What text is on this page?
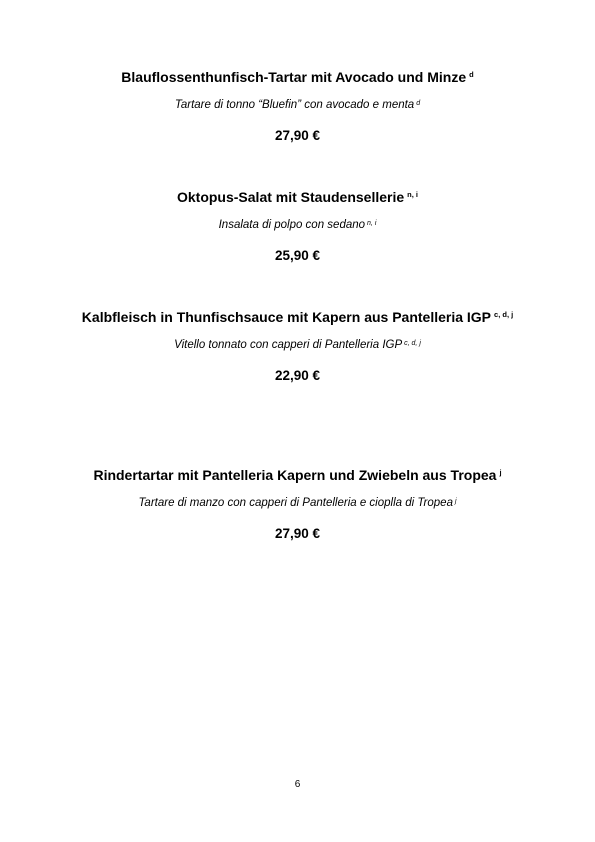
Blauflossenthunfisch-Tartar mit Avocado und Minze $^d$
Tartare di tonno “Bluefin” con avocado e menta $^d$
27,90 €
Oktopus-Salat mit Staudensellerie $^{n, i}$
Insalata di polpo con sedano $^{n, i}$
25,90 €
Kalbfleisch in Thunfischsauce mit Kapern aus Pantelleria IGP $^{c, d, j}$
Vitello tonnato con capperi di Pantelleria IGP $^{c, d, j}$
22,90 €
Rindertartar mit Pantelleria Kapern und Zwiebeln aus Tropea $^j$
Tartare di manzo con capperi di Pantelleria e cioplla di Tropea $^j$
27,90 €
6
